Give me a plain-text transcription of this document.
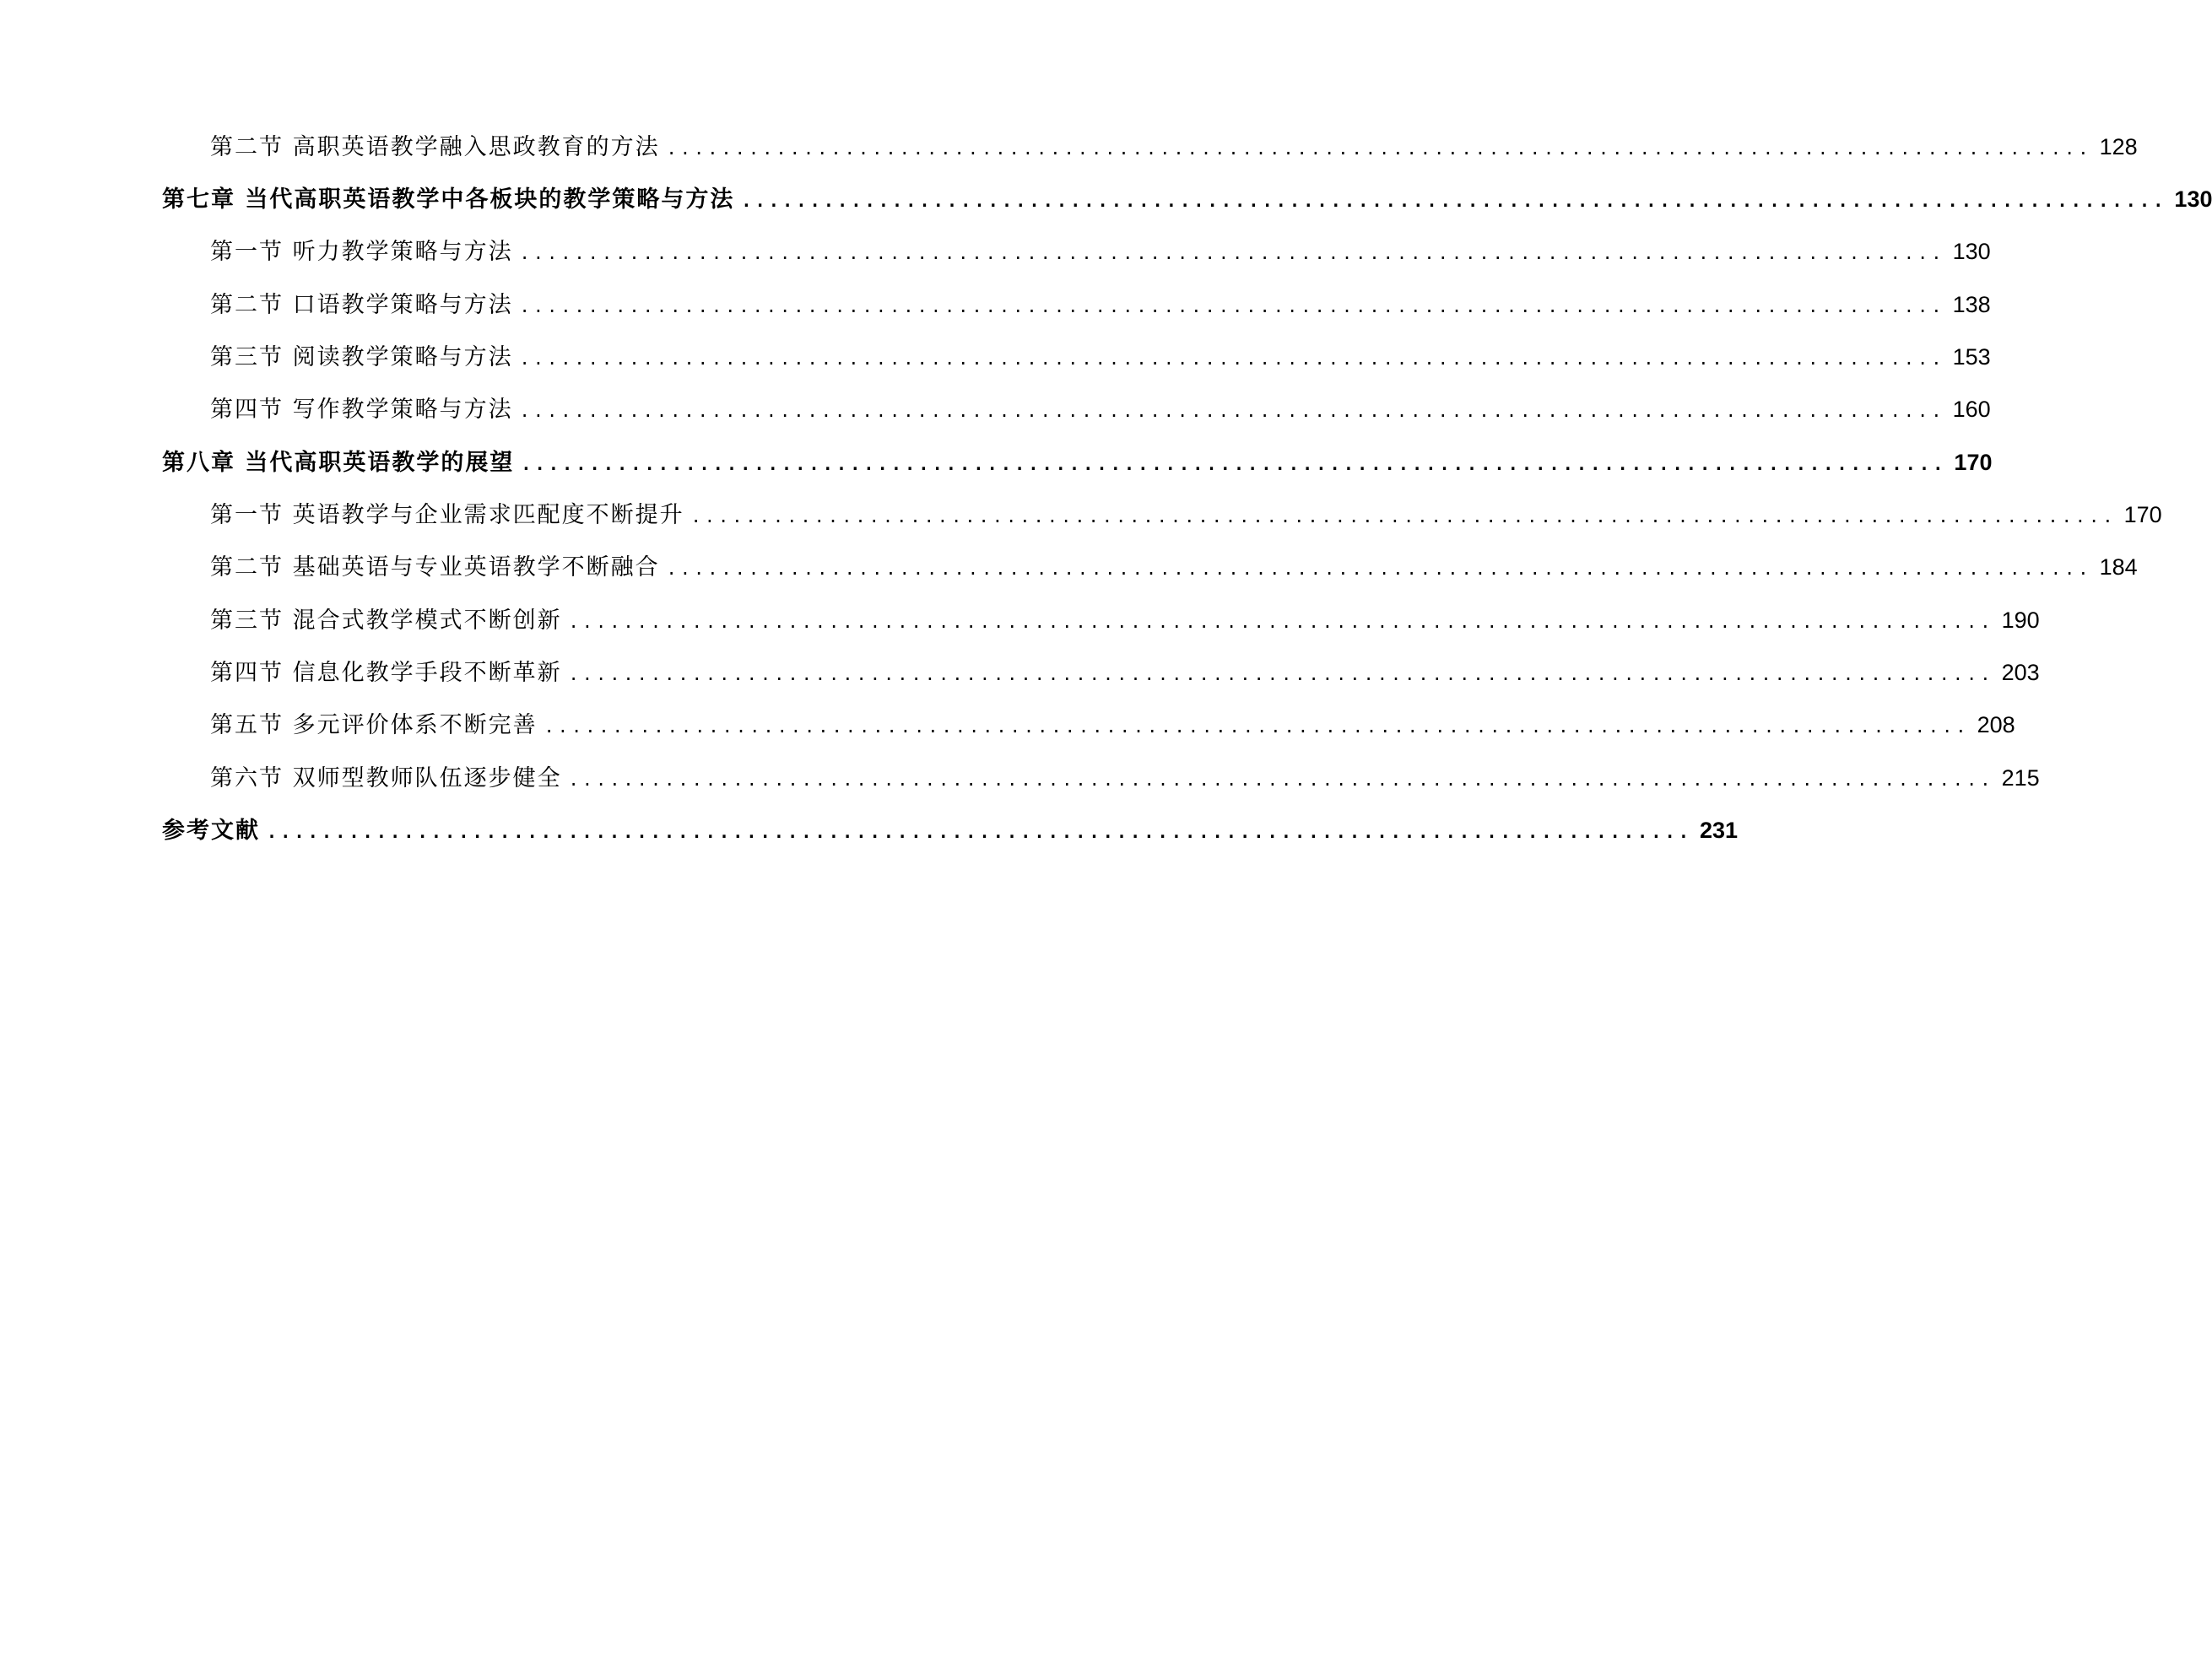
第二节 高职英语教学融入思政教育的方法 ........................................................................................................ 128
第七章 当代高职英语教学中各板块的教学策略与方法 ........................................................................................................ 130
第一节 听力教学策略与方法 ........................................................................................................ 130
第二节 口语教学策略与方法 ........................................................................................................ 138
第三节 阅读教学策略与方法 ........................................................................................................ 153
第四节 写作教学策略与方法 ........................................................................................................ 160
第八章 当代高职英语教学的展望 ........................................................................................................ 170
第一节 英语教学与企业需求匹配度不断提升 ........................................................................................................ 170
第二节 基础英语与专业英语教学不断融合 ........................................................................................................ 184
第三节 混合式教学模式不断创新 ........................................................................................................ 190
第四节 信息化教学手段不断革新 ........................................................................................................ 203
第五节 多元评价体系不断完善 ........................................................................................................ 208
第六节 双师型教师队伍逐步健全 ........................................................................................................ 215
参考文献 ........................................................................................................ 231
